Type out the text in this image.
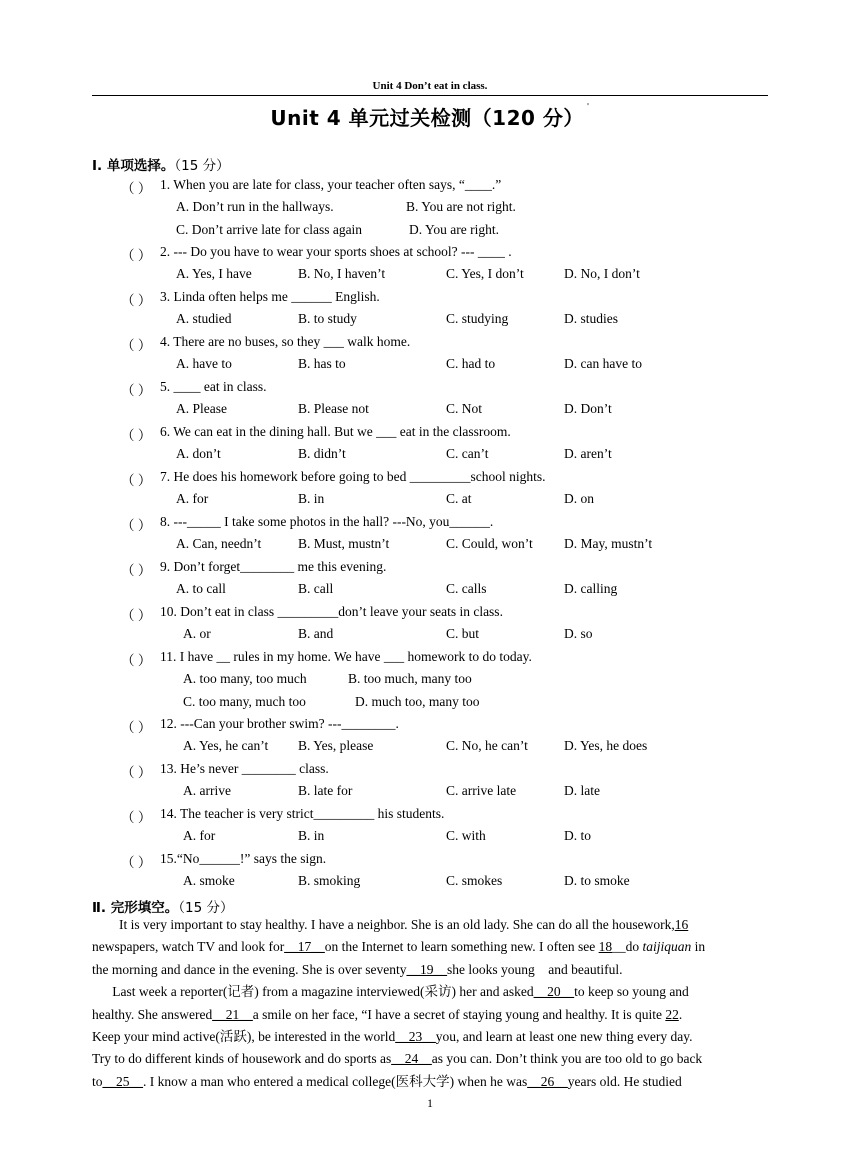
Unit 4 Don’t eat in class.
Unit 4 单元过关检测（120 分） '
Ⅰ. 单项选择。（15 分）
（ ） 1. When you are late for class, your teacher often says, “____.”
A. Don’t run in the hallways.	B. You are not right.
C. Don’t arrive late for class again	D. You are right.
（ ） 2. --- Do you have to wear your sports shoes at school? --- ____ .
A. Yes, I have	B. No, I haven’t	C. Yes, I don’t	D. No, I don’t
（ ） 3. Linda often helps me ______ English.
A. studied	B. to study	C. studying	D. studies
（ ） 4. There are no buses, so they ___ walk home.
A. have to	B. has to	C. had to	D. can have to
（ ） 5. ____ eat in class.
A. Please	B. Please not	C. Not	D. Don’t
（ ） 6. We can eat in the dining hall. But we ___ eat in the classroom.
A. don’t	B. didn’t	C. can’t	D. aren’t
（ ） 7. He does his homework before going to bed _________school nights.
A. for	B. in	C. at	D. on
（ ） 8. ---_____ I take some photos in the hall? ---No, you______.
A. Can, needn’t	B. Must, mustn’t	C. Could, won’t D. May, mustn’t
（ ） 9. Don’t forget________ me this evening.
A. to call	B. call	C. calls	D. calling
（ ） 10. Don’t eat in class _________don’t leave your seats in class.
A. or	B. and	C. but	D. so
（ ） 11. I have __ rules in my home. We have ___ homework to do today.
A. too many, too much	B. too much, many too
C. too many, much too	D. much too, many too
（ ） 12. ---Can your brother swim? ---________.
A. Yes, he can’t B. Yes, please	C. No, he can’t	D. Yes, he does
（ ） 13. He’s never ________ class.
A. arrive	B. late for	C. arrive late	D. late
（ ） 14. The teacher is very strict_________ his students.
A. for	B. in	C. with	D. to
（ ） 15.“No______!” says the sign.
A. smoke	B. smoking	C. smokes	D. to smoke
Ⅱ. 完形填空。（15 分）
It is very important to stay healthy. I have a neighbor. She is an old lady. She can do all the housework,16
newspapers, watch TV and look for__17__on the Internet to learn something new. I often see 18__do taijiquan in
the morning and dance in the evening. She is over seventy__19__she looks young    and beautiful.
Last week a reporter(记者) from a magazine interviewed(采访) her and asked__20__to keep so young and
healthy. She answered__21__a smile on her face, “I have a secret of staying young and healthy. It is quite 22.
Keep your mind active(活跃), be interested in the world__23__you, and learn at least one new thing every day.
Try to do different kinds of housework and do sports as__24__as you can. Don’t think you are too old to go back
to__25__. I know a man who entered a medical college(医科大学) when he was__26__years old. He studied
1
